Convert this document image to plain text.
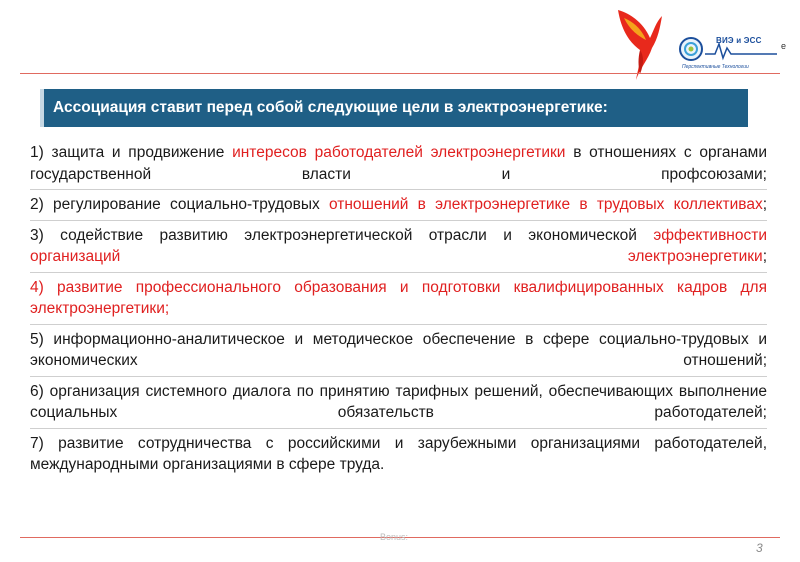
ВИЭ и ЭСС
Перспективные Технологии
е
Ассоциация ставит перед собой следующие цели в электроэнергетике:

1) защита и продвижение интересов работодателей электроэнергетики в отношениях с органами государственной власти и профсоюзами;

2) регулирование социально-трудовых отношений в электроэнергетике в трудовых коллективах;

3) содействие развитию электроэнергетической отрасли и экономической эффективности организаций электроэнергетики;

4) развитие профессионального образования и подготовки квалифицированных кадров для электроэнергетики;

5) информационно-аналитическое и методическое обеспечение в сфере социально-трудовых и экономических отношений;

6) организация системного диалога по принятию тарифных решений, обеспечивающих выполнение социальных обязательств работодателей;

7) развитие сотрудничества с российскими и зарубежными организациями работодателей, международными организациями в сфере труда.

Bonus:
3
